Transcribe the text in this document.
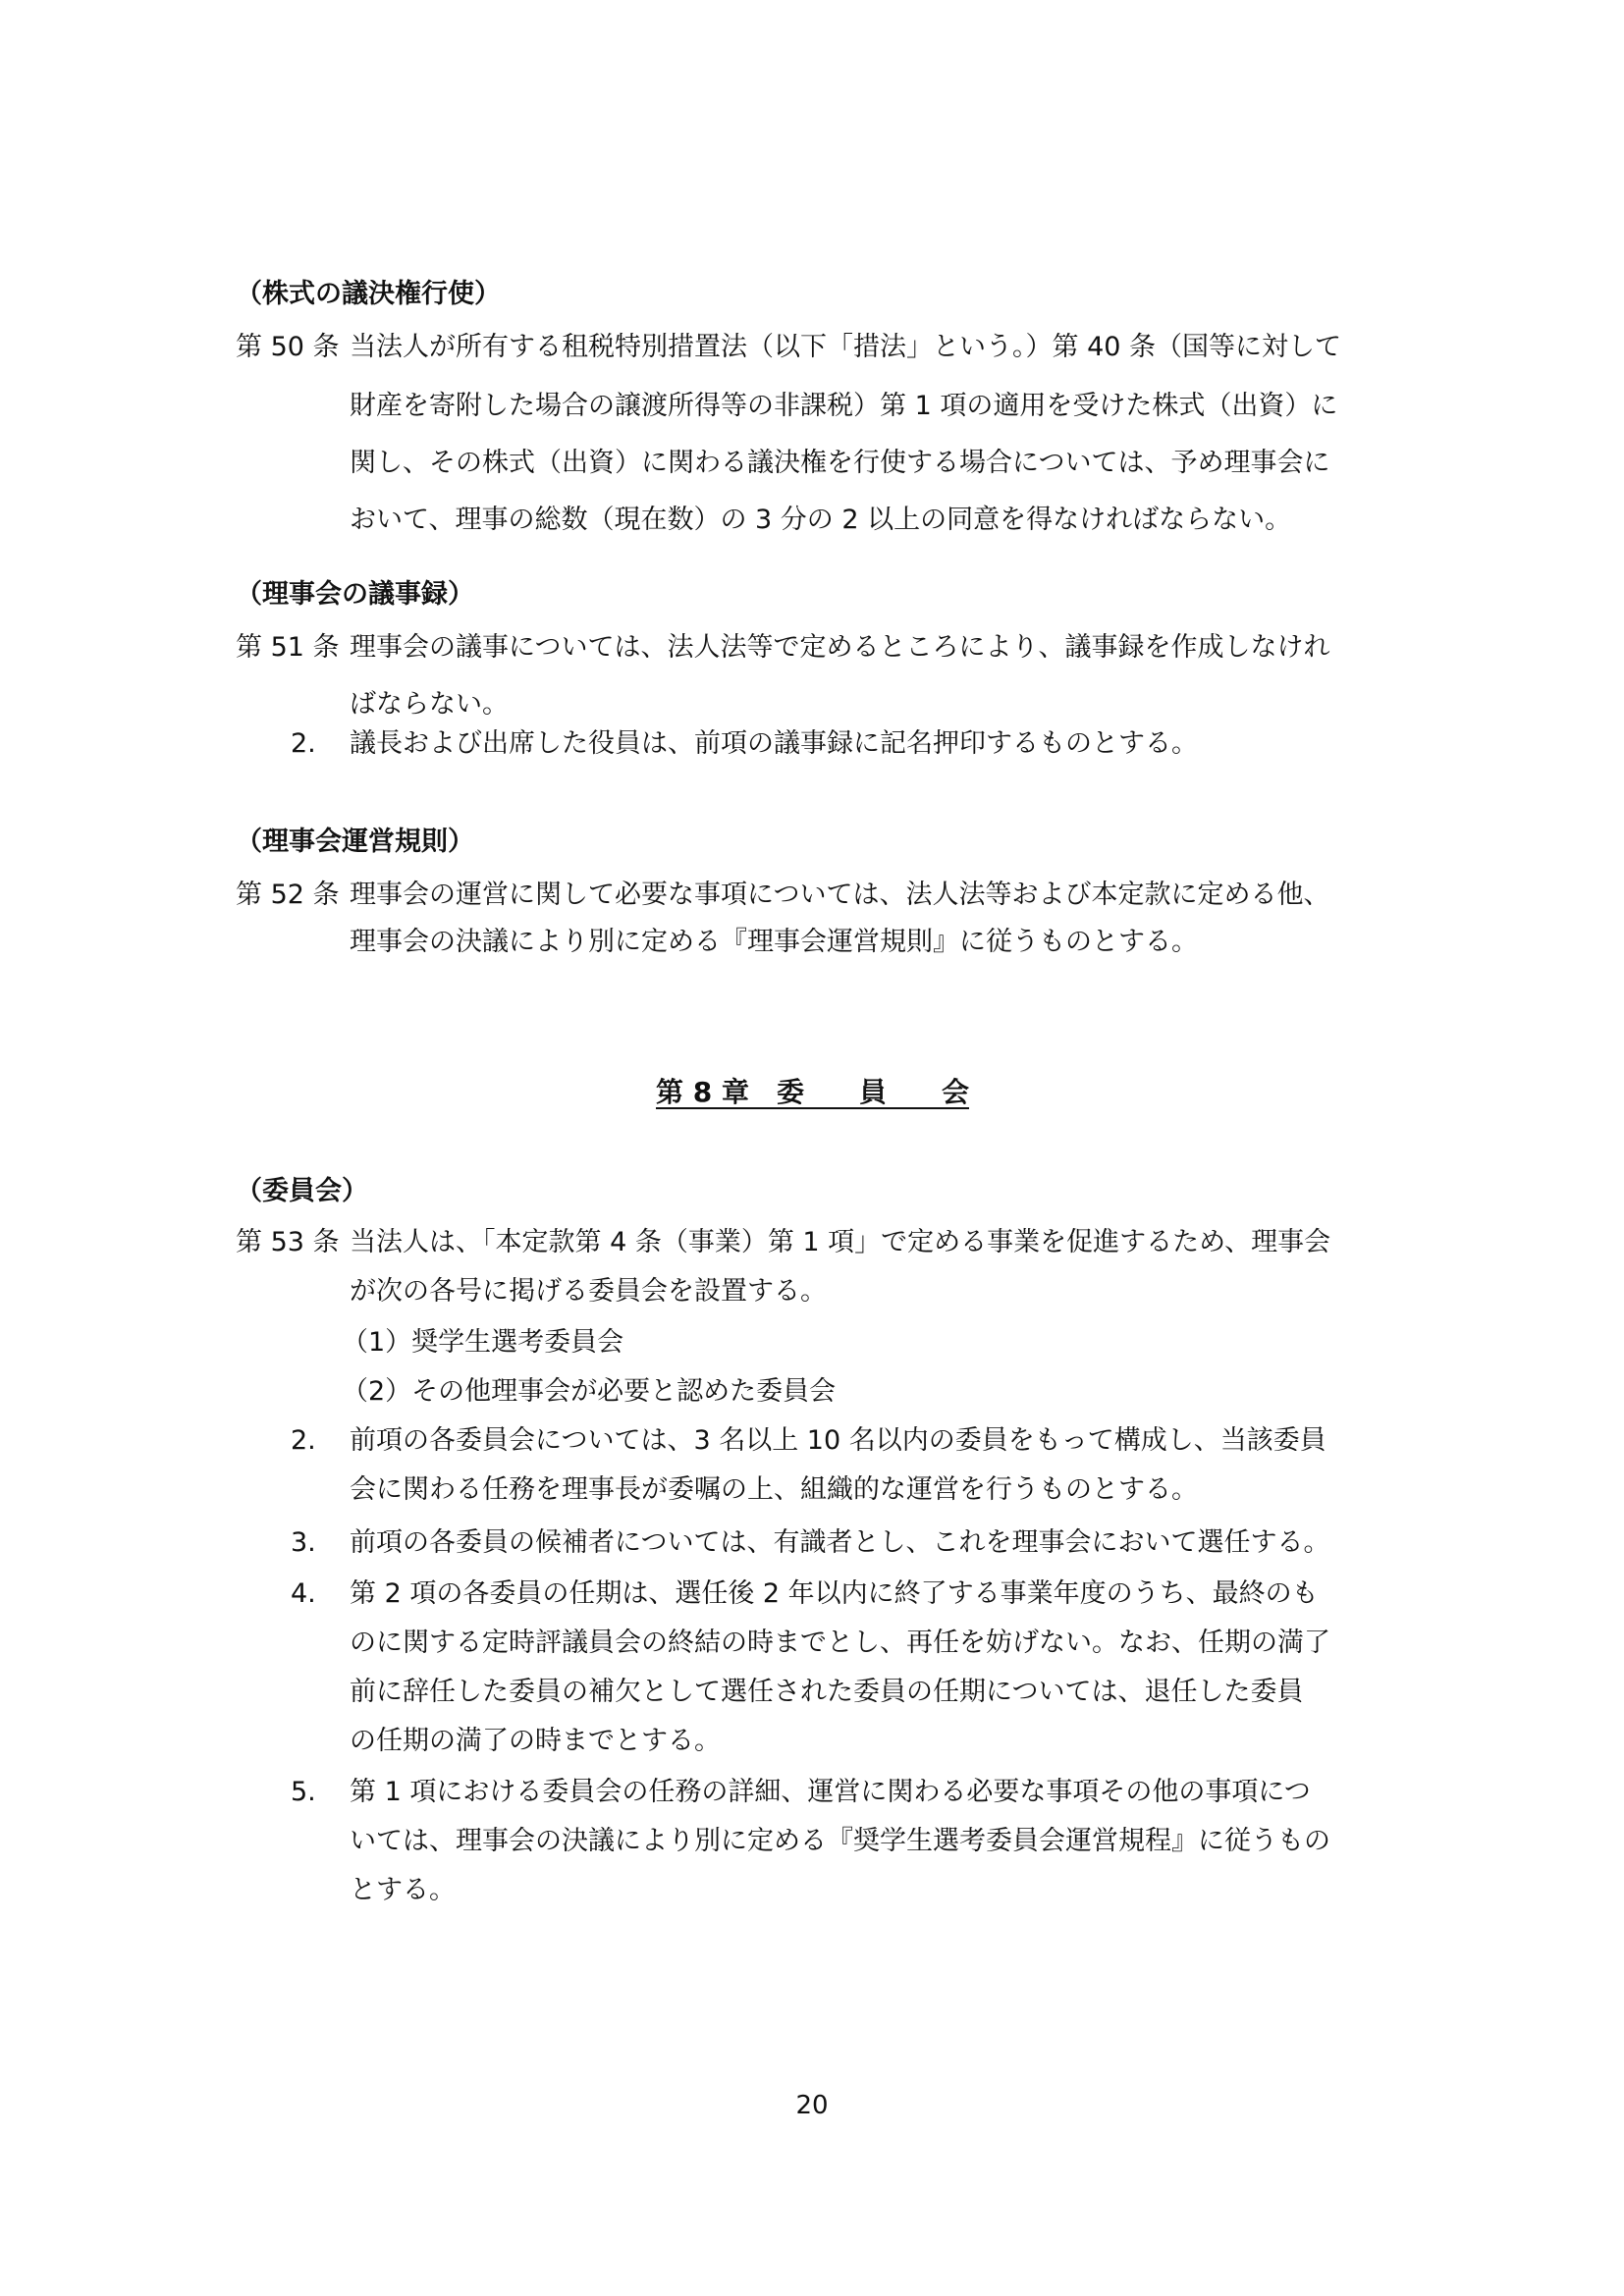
（株式の議決権行使）
第 50 条 当法人が所有する租税特別措置法（以下「措法」という。）第 40 条（国等に対して
財産を寄附した場合の譲渡所得等の非課税）第 1 項の適用を受けた株式（出資）に
関し、その株式（出資）に関わる議決権を行使する場合については、予め理事会に
おいて、理事の総数（現在数）の 3 分の 2 以上の同意を得なければならない。
（理事会の議事録）
第 51 条 理事会の議事については、法人法等で定めるところにより、議事録を作成しなけれ
ばならない。
2. 議長および出席した役員は、前項の議事録に記名押印するものとする。
（理事会運営規則）
第 52 条 理事会の運営に関して必要な事項については、法人法等および本定款に定める他、
理事会の決議により別に定める『理事会運営規則』に従うものとする。
第 8 章　委　　員　　会
（委員会）
第 53 条 当法人は、「本定款第 4 条（事業）第 1 項」で定める事業を促進するため、理事会
が次の各号に掲げる委員会を設置する。
（1）奨学生選考委員会
（2）その他理事会が必要と認めた委員会
2. 前項の各委員会については、3 名以上 10 名以内の委員をもって構成し、当該委員
会に関わる任務を理事長が委嘱の上、組織的な運営を行うものとする。
3. 前項の各委員の候補者については、有識者とし、これを理事会において選任する。
4. 第 2 項の各委員の任期は、選任後 2 年以内に終了する事業年度のうち、最終のも
のに関する定時評議員会の終結の時までとし、再任を妨げない。なお、任期の満了
前に辞任した委員の補欠として選任された委員の任期については、退任した委員
の任期の満了の時までとする。
5. 第 1 項における委員会の任務の詳細、運営に関わる必要な事項その他の事項につ
いては、理事会の決議により別に定める『奨学生選考委員会運営規程』に従うもの
とする。
20
